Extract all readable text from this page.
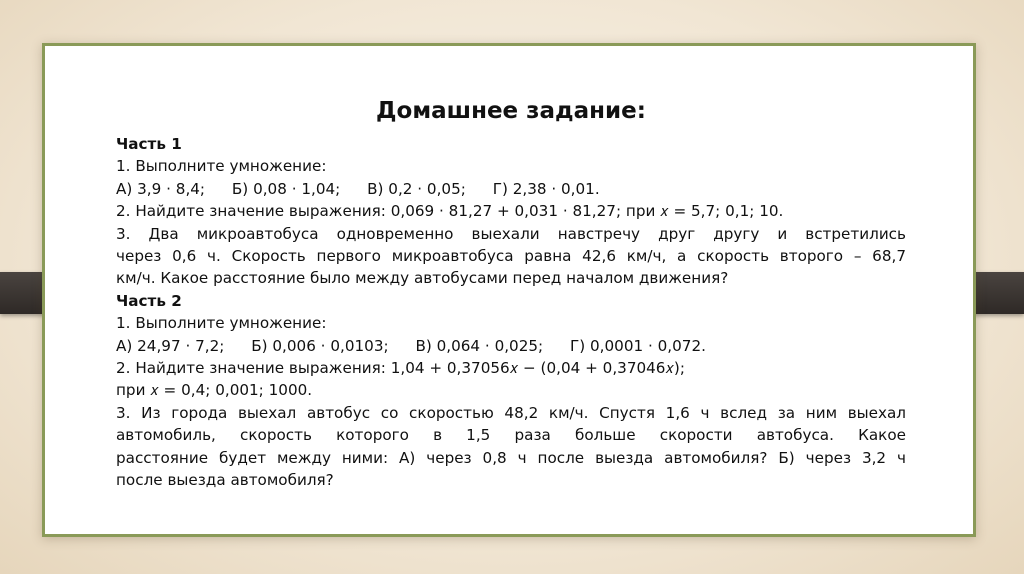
Домашнее задание:
Часть 1
1. Выполните умножение:
А) 3,9 · 8,4; Б) 0,08 · 1,04; В) 0,2 · 0,05; Г) 2,38 · 0,01.
2. Найдите значение выражения: 0,069 · 81,27 + 0,031 · 81,27; при 𝑥 = 5,7; 0,1; 10.
3. Два микроавтобуса одновременно выехали навстречу друг другу и встретились
через 0,6 ч. Скорость первого микроавтобуса равна 42,6 км/ч, а скорость второго – 68,7
км/ч. Какое расстояние было между автобусами перед началом движения?
Часть 2
1. Выполните умножение:
А) 24,97 · 7,2; Б) 0,006 · 0,0103; В) 0,064 · 0,025; Г) 0,0001 · 0,072.
2. Найдите значение выражения: 1,04 + 0,37056𝑥 − (0,04 + 0,37046𝑥);
при 𝑥 = 0,4; 0,001; 1000.
3. Из города выехал автобус со скоростью 48,2 км/ч. Спустя 1,6 ч вслед за ним выехал
автомобиль, скорость которого в 1,5 раза больше скорости автобуса. Какое
расстояние будет между ними: А) через 0,8 ч после выезда автомобиля? Б) через 3,2 ч
после выезда автомобиля?
